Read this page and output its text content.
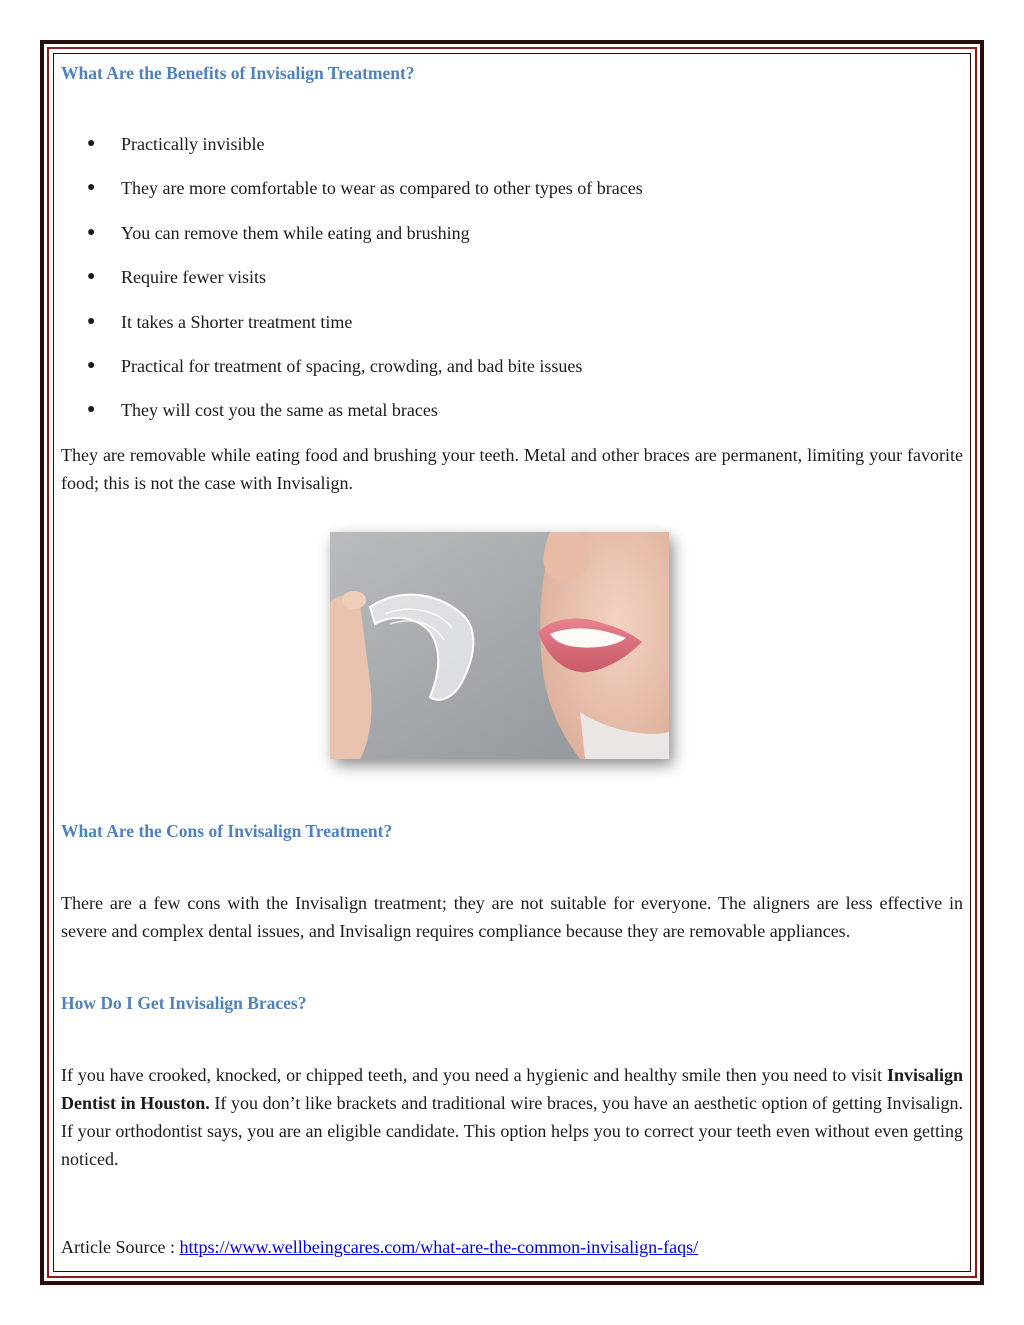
What Are the Benefits of Invisalign Treatment?
● Practically invisible
● They are more comfortable to wear as compared to other types of braces
● You can remove them while eating and brushing
● Require fewer visits
● It takes a Shorter treatment time
● Practical for treatment of spacing, crowding, and bad bite issues
● They will cost you the same as metal braces

They are removable while eating food and brushing your teeth. Metal and other braces are permanent, limiting your favorite food; this is not the case with Invisalign.

What Are the Cons of Invisalign Treatment?

There are a few cons with the Invisalign treatment; they are not suitable for everyone. The aligners are less effective in severe and complex dental issues, and Invisalign requires compliance because they are removable appliances.

How Do I Get Invisalign Braces?

If you have crooked, knocked, or chipped teeth, and you need a hygienic and healthy smile then you need to visit Invisalign Dentist in Houston. If you don’t like brackets and traditional wire braces, you have an aesthetic option of getting Invisalign. If your orthodontist says, you are an eligible candidate. This option helps you to correct your teeth even without even getting noticed.

Article Source : https://www.wellbeingcares.com/what-are-the-common-invisalign-faqs/
